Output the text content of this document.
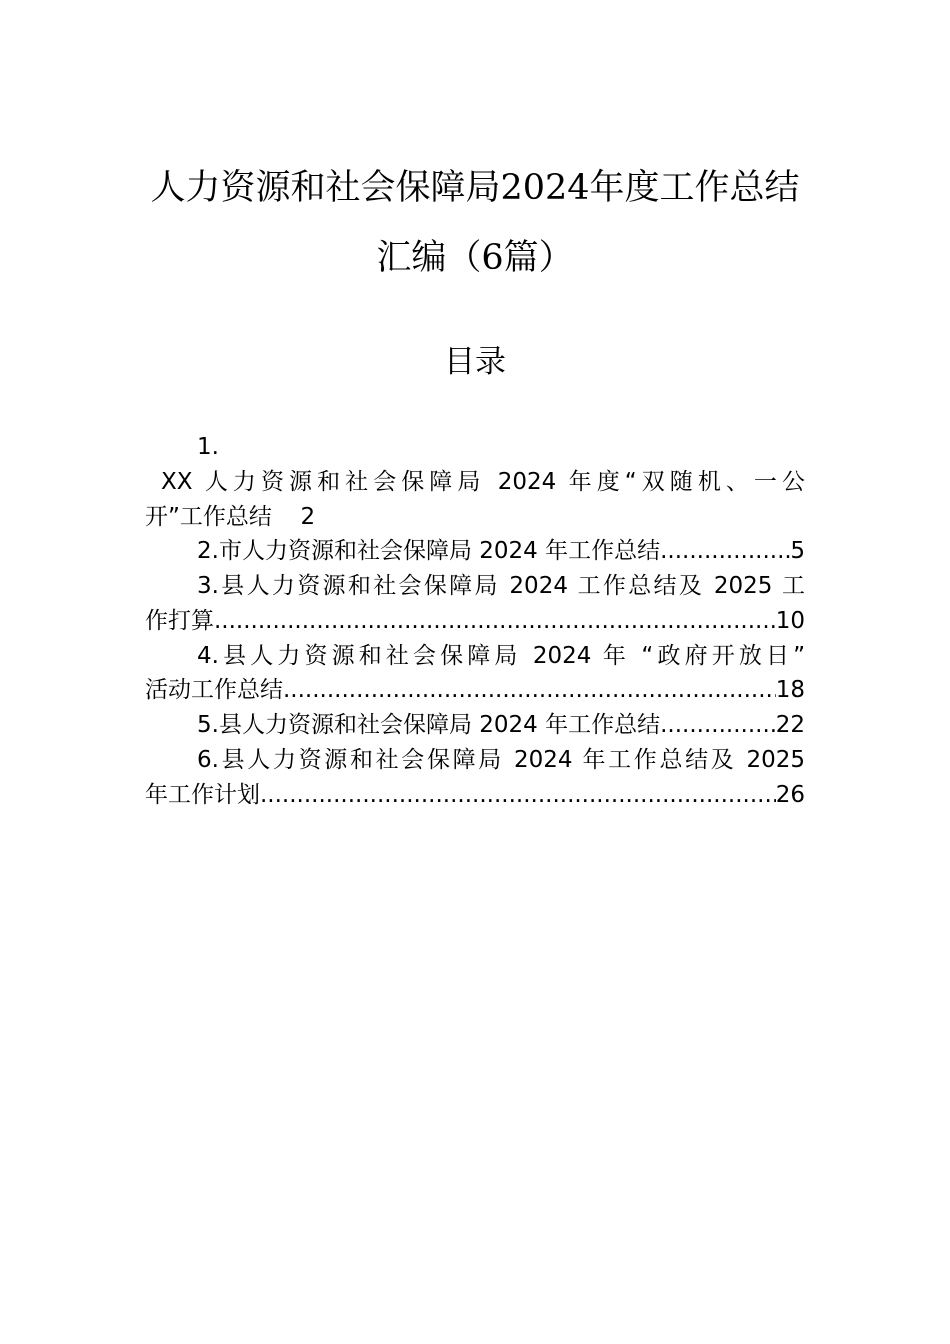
人力资源和社会保障局2024年度工作总结
汇编（6篇）
目录
1.
XX 人力资源和社会保障局 2024 年度“双随机、一公
开”工作总结 2
2.市人力资源和社会保障局 2024 年工作总结 .....	5
3.县人力资源和社会保障局 2024 工作总结及 2025 工
作打算 .....	10
4.县人力资源和社会保障局 2024 年 “政府开放日”
活动工作总结 .....	18
5.县人力资源和社会保障局 2024 年工作总结 .....	22
6.县人力资源和社会保障局 2024 年工作总结及 2025
年工作计划 .....	26
